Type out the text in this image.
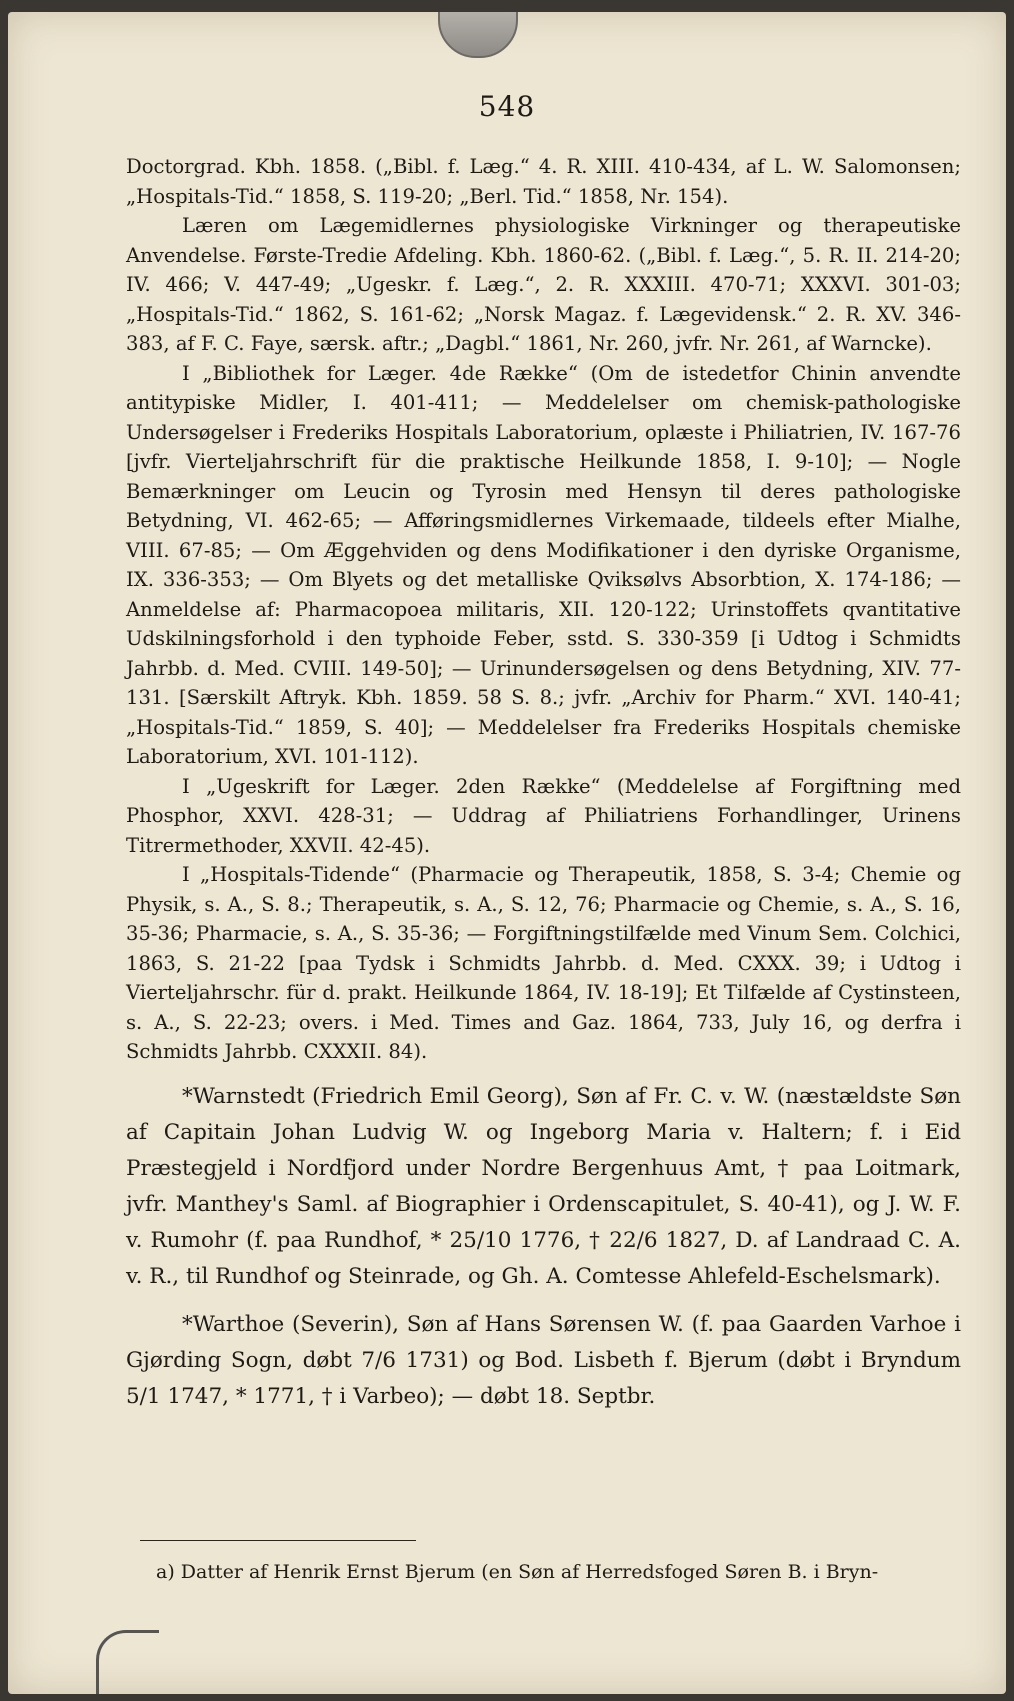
548

Doctorgrad. Kbh. 1858. („Bibl. f. Læg.“ 4. R. XIII. 410-434, af L. W. Salomonsen; „Hospitals-Tid.“ 1858, S. 119-20; „Berl. Tid.“ 1858, Nr. 154).

Læren om Lægemidlernes physiologiske Virkninger og therapeutiske Anvendelse. Første-Tredie Afdeling. Kbh. 1860-62. („Bibl. f. Læg.“, 5. R. II. 214-20; IV. 466; V. 447-49; „Ugeskr. f. Læg.“, 2. R. XXXIII. 470-71; XXXVI. 301-03; „Hospitals-Tid.“ 1862, S. 161-62; „Norsk Magaz. f. Lægevidensk.“ 2. R. XV. 346-383, af F. C. Faye, særsk. aftr.; „Dagbl.“ 1861, Nr. 260, jvfr. Nr. 261, af Warncke).

I „Bibliothek for Læger. 4de Række“ (Om de istedetfor Chinin anvendte antitypiske Midler, I. 401-411; — Meddelelser om chemisk-pathologiske Undersøgelser i Frederiks Hospitals Laboratorium, oplæste i Philiatrien, IV. 167-76 [jvfr. Vierteljahrschrift für die praktische Heilkunde 1858, I. 9-10]; — Nogle Bemærkninger om Leucin og Tyrosin med Hensyn til deres pathologiske Betydning, VI. 462-65; — Afføringsmidlernes Virkemaade, tildeels efter Mialhe, VIII. 67-85; — Om Æggehviden og dens Modifikationer i den dyriske Organisme, IX. 336-353; — Om Blyets og det metalliske Qviksølvs Absorbtion, X. 174-186; — Anmeldelse af: Pharmacopoea militaris, XII. 120-122; Urinstoffets qvantitative Udskilningsforhold i den typhoide Feber, sstd. S. 330-359 [i Udtog i Schmidts Jahrbb. d. Med. CVIII. 149-50]; — Urinundersøgelsen og dens Betydning, XIV. 77-131. [Særskilt Aftryk. Kbh. 1859. 58 S. 8.; jvfr. „Archiv for Pharm.“ XVI. 140-41; „Hospitals-Tid.“ 1859, S. 40]; — Meddelelser fra Frederiks Hospitals chemiske Laboratorium, XVI. 101-112).

I „Ugeskrift for Læger. 2den Række“ (Meddelelse af Forgiftning med Phosphor, XXVI. 428-31; — Uddrag af Philiatriens Forhandlinger, Urinens Titrermethoder, XXVII. 42-45).

I „Hospitals-Tidende“ (Pharmacie og Therapeutik, 1858, S. 3-4; Chemie og Physik, s. A., S. 8.; Therapeutik, s. A., S. 12, 76; Pharmacie og Chemie, s. A., S. 16, 35-36; Pharmacie, s. A., S. 35-36; — Forgiftningstilfælde med Vinum Sem. Colchici, 1863, S. 21-22 [paa Tydsk i Schmidts Jahrbb. d. Med. CXXX. 39; i Udtog i Vierteljahrschr. für d. prakt. Heilkunde 1864, IV. 18-19]; Et Tilfælde af Cystinsteen, s. A., S. 22-23; overs. i Med. Times and Gaz. 1864, 733, July 16, og derfra i Schmidts Jahrbb. CXXXII. 84).

*Warnstedt (Friedrich Emil Georg), Søn af Fr. C. v. W. (næstældste Søn af Capitain Johan Ludvig W. og Ingeborg Maria v. Haltern; f. i Eid Præstegjeld i Nordfjord under Nordre Bergenhuus Amt, † paa Loitmark, jvfr. Manthey's Saml. af Biographier i Ordenscapitulet, S. 40-41), og J. W. F. v. Rumohr (f. paa Rundhof, * 25/10 1776, † 22/6 1827, D. af Landraad C. A. v. R., til Rundhof og Steinrade, og Gh. A. Comtesse Ahlefeld-Eschelsmark).

*Warthoe (Severin), Søn af Hans Sørensen W. (f. paa Gaarden Varhoe i Gjørding Sogn, døbt 7/6 1731) og Bod. Lisbeth f. Bjerum (døbt i Bryndum 5/1 1747, * 1771, † i Varbeo); — døbt 18. Septbr.

a) Datter af Henrik Ernst Bjerum (en Søn af Herredsfoged Søren B. i Bryn-
